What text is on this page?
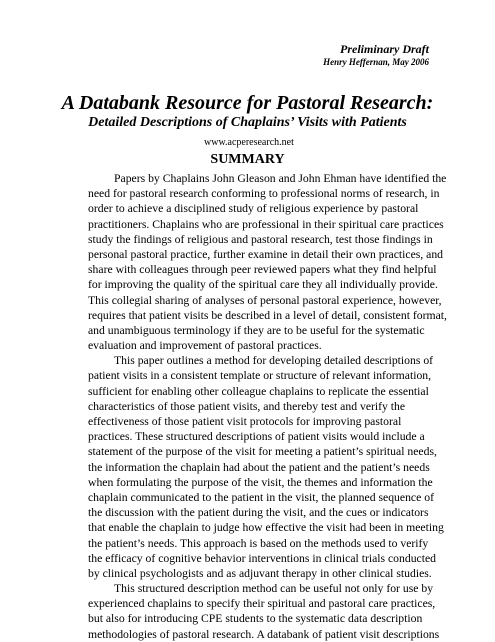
Preliminary Draft
Henry Heffernan, May 2006
A Databank Resource for Pastoral Research:
Detailed Descriptions of Chaplains’ Visits with Patients
www.acperesearch.net
SUMMARY
Papers by Chaplains John Gleason and John Ehman have identified the
need for pastoral research conforming to professional norms of research, in
order to achieve a disciplined study of religious experience by pastoral
practitioners. Chaplains who are professional in their spiritual care practices
study the findings of religious and pastoral research, test those findings in
personal pastoral practice, further examine in detail their own practices, and
share with colleagues through peer reviewed papers what they find helpful
for improving the quality of the spiritual care they all individually provide.
This collegial sharing of analyses of personal pastoral experience, however,
requires that patient visits be described in a level of detail, consistent format,
and unambiguous terminology if they are to be useful for the systematic
evaluation and improvement of pastoral practices.
This paper outlines a method for developing detailed descriptions of
patient visits in a consistent template or structure of relevant information,
sufficient for enabling other colleague chaplains to replicate the essential
characteristics of those patient visits, and thereby test and verify the
effectiveness of those patient visit protocols for improving pastoral
practices. These structured descriptions of patient visits would include a
statement of the purpose of the visit for meeting a patient’s spiritual needs,
the information the chaplain had about the patient and the patient’s needs
when formulating the purpose of the visit, the themes and information the
chaplain communicated to the patient in the visit, the planned sequence of
the discussion with the patient during the visit, and the cues or indicators
that enable the chaplain to judge how effective the visit had been in meeting
the patient’s needs. This approach is based on the methods used to verify
the efficacy of cognitive behavior interventions in clinical trials conducted
by clinical psychologists and as adjuvant therapy in other clinical studies.
This structured description method can be useful not only for use by
experienced chaplains to specify their spiritual and pastoral care practices,
but also for introducing CPE students to the systematic data description
methodologies of pastoral research. A databank of patient visit descriptions
